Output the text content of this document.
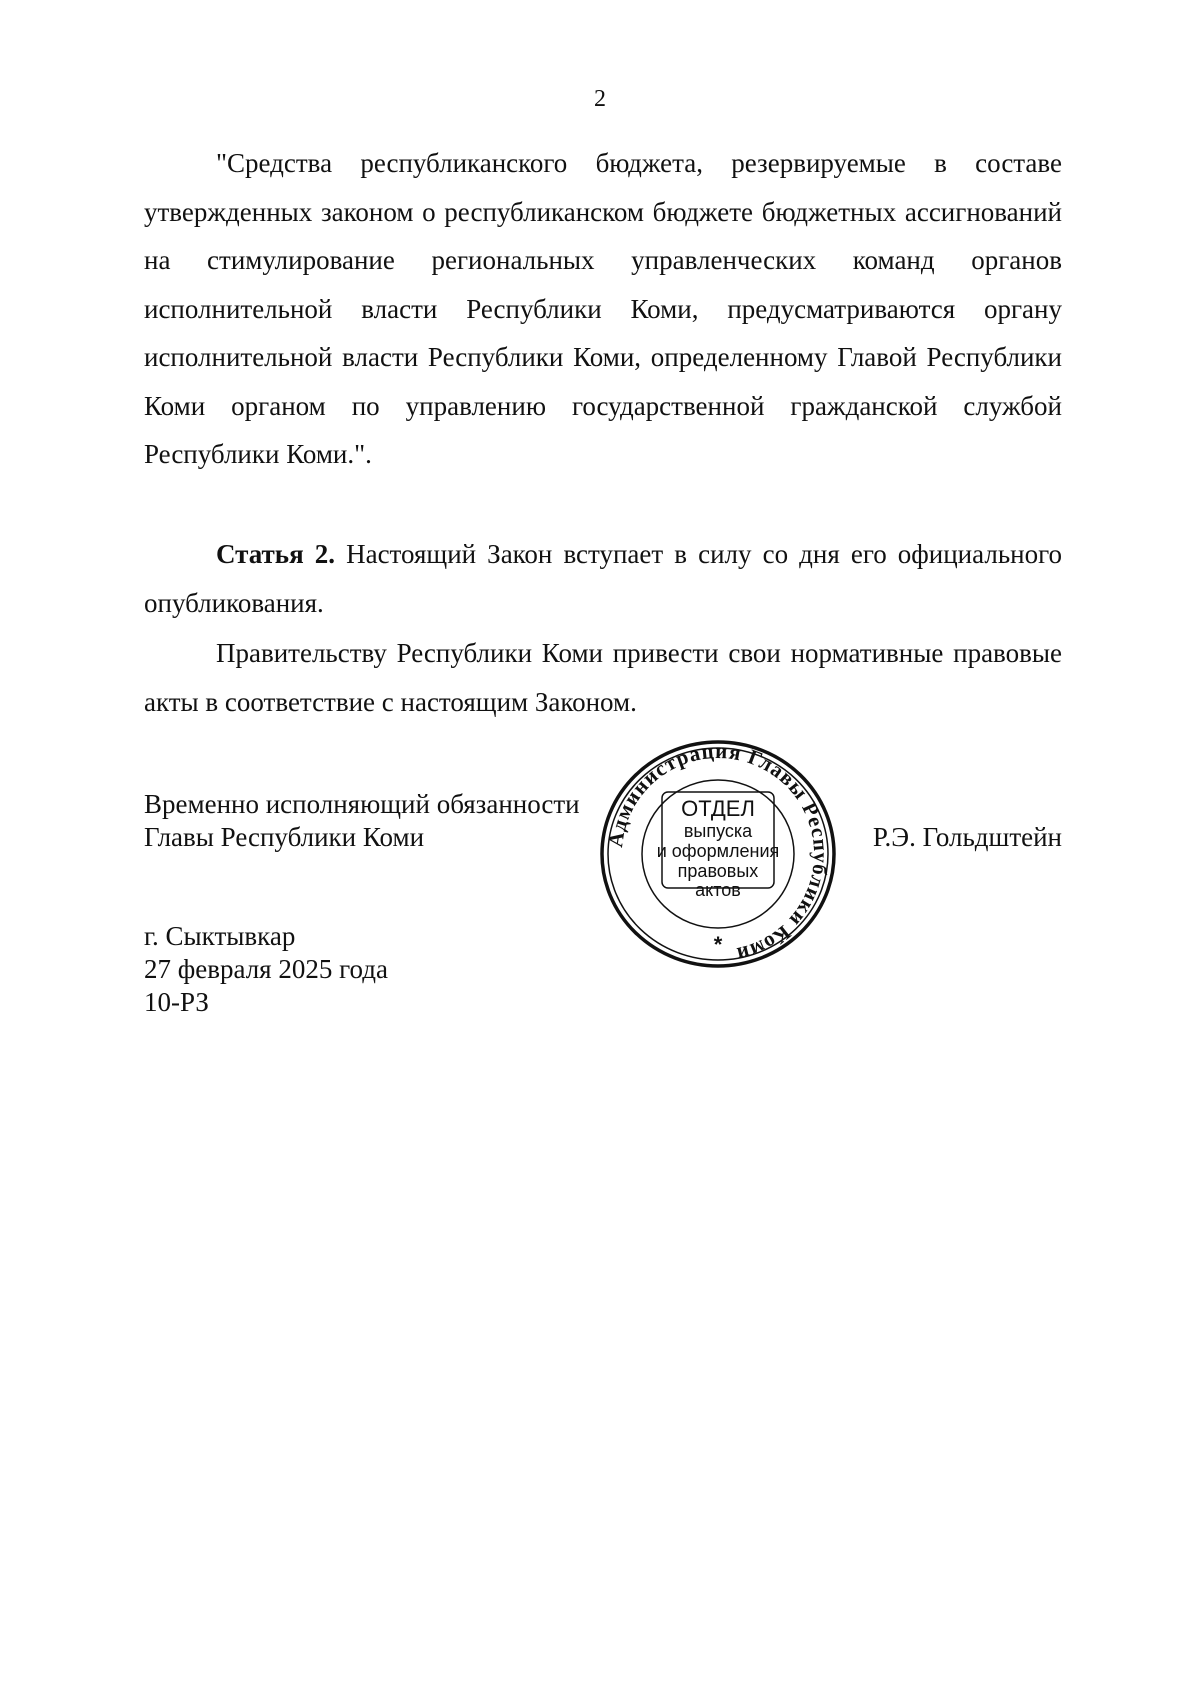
2

"Средства республиканского бюджета, резервируемые в составе утвержденных законом о республиканском бюджете бюджетных ассигнований на стимулирование региональных управленческих команд органов исполнительной власти Республики Коми, предусматриваются органу исполнительной власти Республики Коми, определенному Главой Республики Коми органом по управлению государственной гражданской службой Республики Коми.".

Статья 2. Настоящий Закон вступает в силу со дня его официального опубликования.

Правительству Республики Коми привести свои нормативные правовые акты в соответствие с настоящим Законом.

Временно исполняющий обязанности
Главы Республики Коми	Администрация Главы Республики Коми
ОТДЕЛ
выпуска
и оформления
правовых
актов
*
Р.Э. Гольдштейн
г. Сыктывкар
27 февраля 2025 года
10-РЗ
